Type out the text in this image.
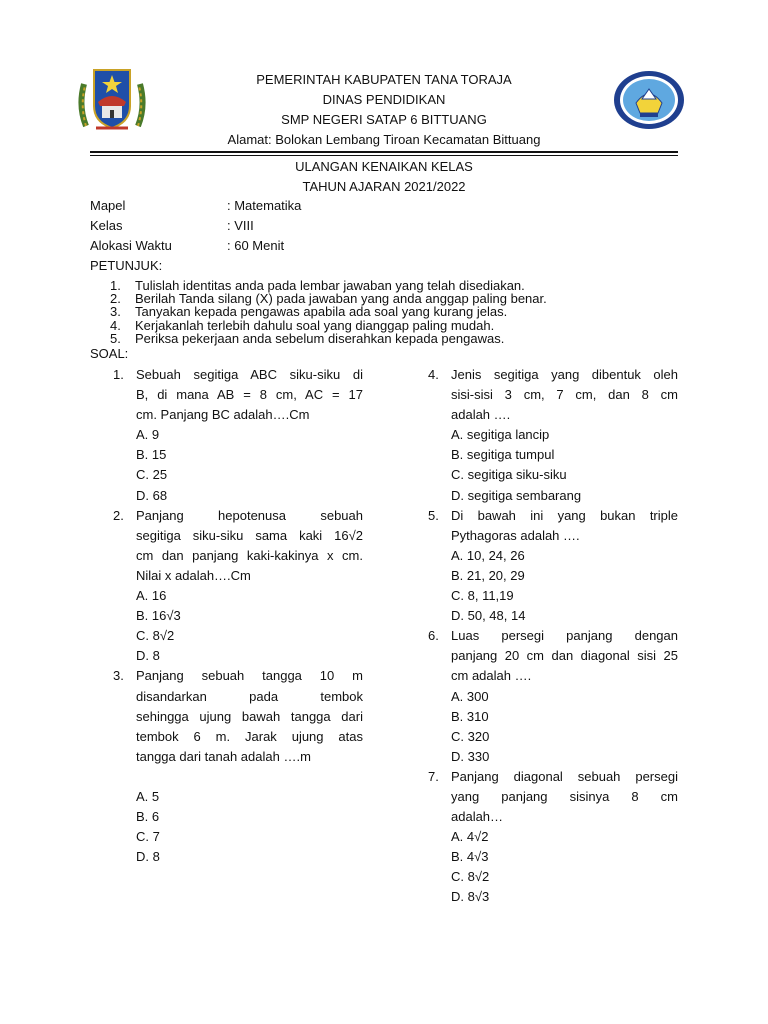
PEMERINTAH KABUPATEN TANA TORAJA
DINAS PENDIDIKAN
SMP NEGERI SATAP 6 BITTUANG
Alamat: Bolokan Lembang Tiroan Kecamatan Bittuang
ULANGAN KENAIKAN KELAS
TAHUN AJARAN 2021/2022
Mapel	: Matematika
Kelas	: VIII
Alokasi Waktu	: 60 Menit
PETUNJUK:
1.	Tulislah identitas anda pada lembar jawaban yang telah disediakan.
2.	Berilah Tanda silang (X) pada jawaban yang anda anggap paling benar.
3.	Tanyakan kepada pengawas apabila ada soal yang kurang jelas.
4.	Kerjakanlah terlebih dahulu soal yang dianggap paling mudah.
5.	Periksa pekerjaan anda sebelum diserahkan kepada pengawas.
SOAL:
1. Sebuah segitiga ABC siku-siku di
B, di mana AB = 8 cm, AC = 17
cm. Panjang BC adalah….Cm
A. 9
B. 15
C. 25
D. 68
2. Panjang hepotenusa sebuah
segitiga siku-siku sama kaki 16√2
cm dan panjang kaki-kakinya x cm.
Nilai x adalah….Cm
A. 16
B. 16√3
C. 8√2
D. 8
3. Panjang sebuah tangga 10 m
disandarkan pada tembok
sehingga ujung bawah tangga dari
tembok 6 m. Jarak ujung atas
tangga dari tanah adalah ….m
A. 5
B. 6
C. 7
D. 8
4. Jenis segitiga yang dibentuk oleh
sisi-sisi 3 cm, 7 cm, dan 8 cm
adalah ….
A. segitiga lancip
B. segitiga tumpul
C. segitiga siku-siku
D. segitiga sembarang
5. Di bawah ini yang bukan triple
Pythagoras adalah ….
A. 10, 24, 26
B. 21, 20, 29
C. 8, 11,19
D. 50, 48, 14
6. Luas persegi panjang dengan
panjang 20 cm dan diagonal sisi 25
cm adalah ….
A. 300
B. 310
C. 320
D. 330
7. Panjang diagonal sebuah persegi
yang panjang sisinya 8 cm
adalah…
A. 4√2
B. 4√3
C. 8√2
D. 8√3
